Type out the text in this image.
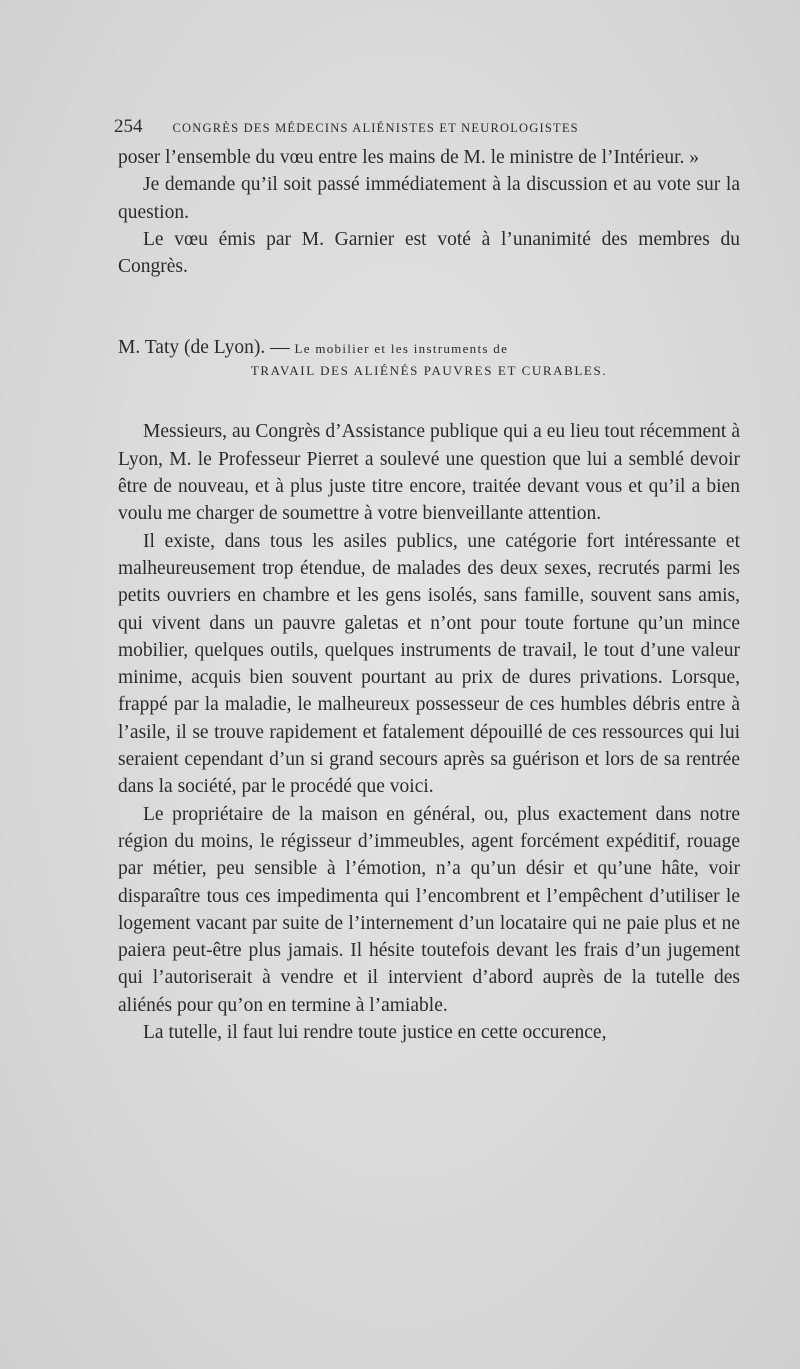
254 CONGRÈS DES MÉDECINS ALIÉNISTES ET NEUROLOGISTES

poser l’ensemble du vœu entre les mains de M. le ministre de l’Intérieur. »

Je demande qu’il soit passé immédiatement à la discussion et au vote sur la question.

Le vœu émis par M. Garnier est voté à l’unanimité des membres du Congrès.

M. Taty (de Lyon). — Le mobilier et les instruments de
TRAVAIL DES ALIÉNÉS PAUVRES ET CURABLES.

Messieurs, au Congrès d’Assistance publique qui a eu lieu tout récemment à Lyon, M. le Professeur Pierret a soulevé une question que lui a semblé devoir être de nouveau, et à plus juste titre encore, traitée devant vous et qu’il a bien voulu me charger de soumettre à votre bienveillante attention.

Il existe, dans tous les asiles publics, une catégorie fort intéressante et malheureusement trop étendue, de malades des deux sexes, recrutés parmi les petits ouvriers en chambre et les gens isolés, sans famille, souvent sans amis, qui vivent dans un pauvre galetas et n’ont pour toute fortune qu’un mince mobilier, quelques outils, quelques instruments de travail, le tout d’une valeur minime, acquis bien souvent pourtant au prix de dures privations. Lorsque, frappé par la maladie, le malheureux possesseur de ces humbles débris entre à l’asile, il se trouve rapidement et fatalement dépouillé de ces ressources qui lui seraient cependant d’un si grand secours après sa guérison et lors de sa rentrée dans la société, par le procédé que voici.

Le propriétaire de la maison en général, ou, plus exactement dans notre région du moins, le régisseur d’immeubles, agent forcément expéditif, rouage par métier, peu sensible à l’émotion, n’a qu’un désir et qu’une hâte, voir disparaître tous ces impedimenta qui l’encombrent et l’empêchent d’utiliser le logement vacant par suite de l’internement d’un locataire qui ne paie plus et ne paiera peut-être plus jamais. Il hésite toutefois devant les frais d’un jugement qui l’autoriserait à vendre et il intervient d’abord auprès de la tutelle des aliénés pour qu’on en termine à l’amiable.

La tutelle, il faut lui rendre toute justice en cette occurence,
